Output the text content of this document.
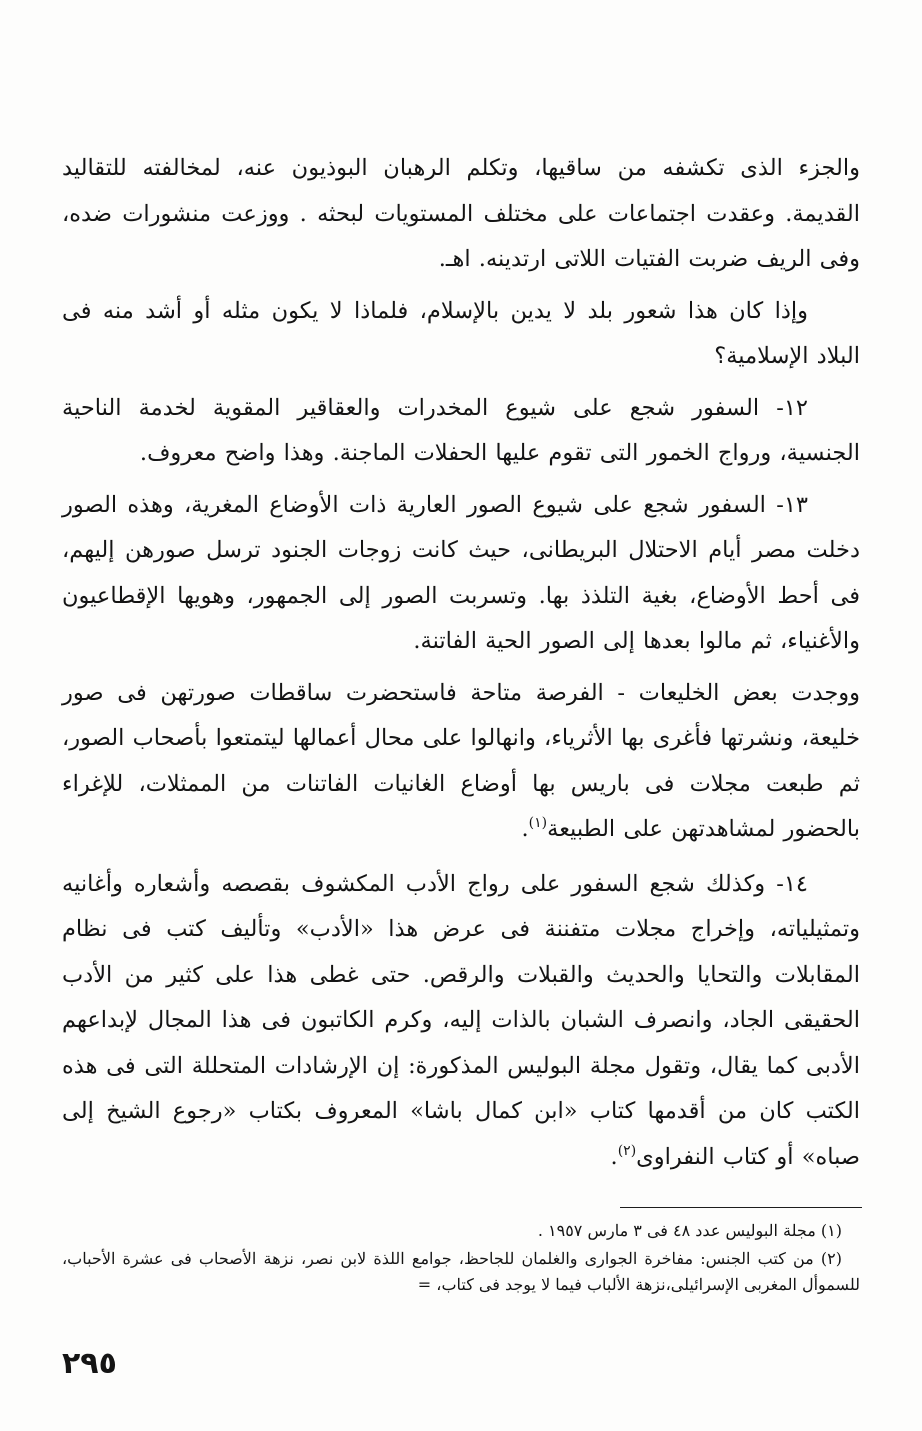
والجزء الذى تكشفه من ساقيها، وتكلم الرهبان البوذيون عنه، لمخالفته للتقاليد القديمة. وعقدت اجتماعات على مختلف المستويات لبحثه . ووزعت منشورات ضده، وفى الريف ضربت الفتيات اللاتى ارتدينه. اهـ.

وإذا كان هذا شعور بلد لا يدين بالإسلام، فلماذا لا يكون مثله أو أشد منه فى البلاد الإسلامية؟

١٢- السفور شجع على شيوع المخدرات والعقاقير المقوية لخدمة الناحية الجنسية، ورواج الخمور التى تقوم عليها الحفلات الماجنة. وهذا واضح معروف.

١٣- السفور شجع على شيوع الصور العارية ذات الأوضاع المغرية، وهذه الصور دخلت مصر أيام الاحتلال البريطانى، حيث كانت زوجات الجنود ترسل صورهن إليهم، فى أحط الأوضاع، بغية التلذذ بها. وتسربت الصور إلى الجمهور، وهويها الإقطاعيون والأغنياء، ثم مالوا بعدها إلى الصور الحية الفاتنة.

ووجدت بعض الخليعات - الفرصة متاحة فاستحضرت ساقطات صورتهن فى صور خليعة، ونشرتها فأغرى بها الأثرياء، وانهالوا على محال أعمالها ليتمتعوا بأصحاب الصور، ثم طبعت مجلات فى باريس بها أوضاع الغانيات الفاتنات من الممثلات، للإغراء بالحضور لمشاهدتهن على الطبيعة$^{(١)}$.

١٤- وكذلك شجع السفور على رواج الأدب المكشوف بقصصه وأشعاره وأغانيه وتمثيلياته، وإخراج مجلات متفننة فى عرض هذا «الأدب» وتأليف كتب فى نظام المقابلات والتحايا والحديث والقبلات والرقص. حتى غطى هذا على كثير من الأدب الحقيقى الجاد، وانصرف الشبان بالذات إليه، وكرم الكاتبون فى هذا المجال لإبداعهم الأدبى كما يقال، وتقول مجلة البوليس المذكورة: إن الإرشادات المتحللة التى فى هذه الكتب كان من أقدمها كتاب «ابن كمال باشا» المعروف بكتاب «رجوع الشيخ إلى صباه» أو كتاب النفراوى$^{(٢)}$.

(١) مجلة البوليس عدد ٤٨ فى ٣ مارس ١٩٥٧ .

(٢) من كتب الجنس: مفاخرة الجوارى والغلمان للجاحظ، جوامع اللذة لابن نصر، نزهة الأصحاب فى عشرة الأحباب، للسموأل المغربى الإسرائيلى،نزهة الألباب فيما لا يوجد فى كتاب، =

٢٩٥
